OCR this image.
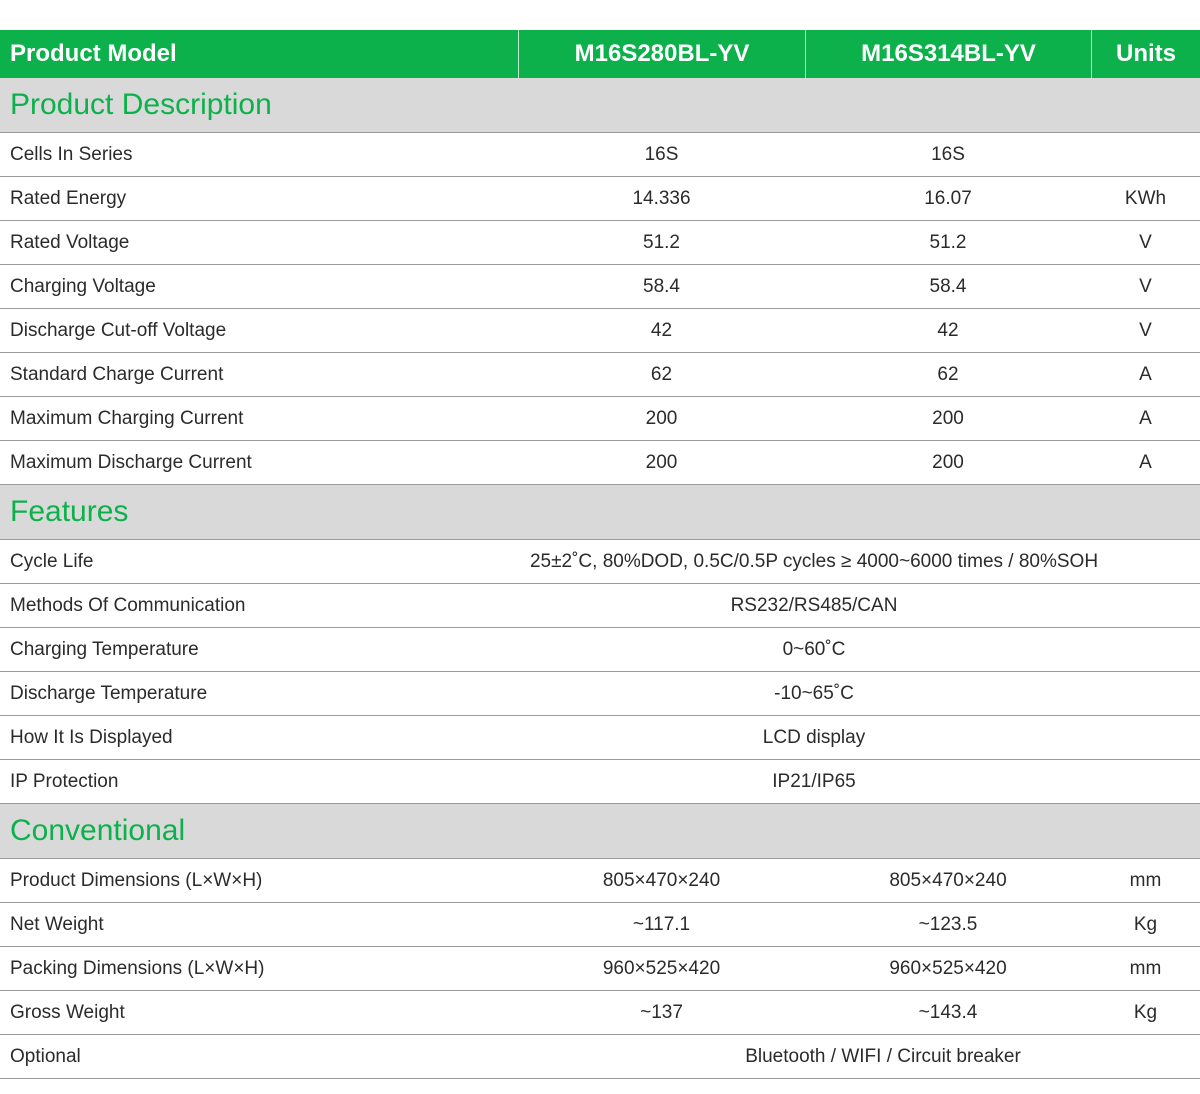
Product Model	M16S280BL-YV	M16S314BL-YV	Units
Product Description
Cells In Series	16S	16S
Rated Energy	14.336	16.07	KWh
Rated Voltage	51.2	51.2	V
Charging Voltage	58.4	58.4	V
Discharge Cut-off Voltage	42	42	V
Standard Charge Current	62	62	A
Maximum Charging Current	200	200	A
Maximum Discharge Current	200	200	A
Features
Cycle Life	25±2˚C, 80%DOD, 0.5C/0.5P cycles ≥ 4000~6000 times / 80%SOH
Methods Of Communication	RS232/RS485/CAN
Charging Temperature	0~60˚C
Discharge Temperature	-10~65˚C
How It Is Displayed	LCD display
IP Protection	IP21/IP65
Conventional
Product Dimensions (L×W×H)	805×470×240	805×470×240	mm
Net Weight	~117.1	~123.5	Kg
Packing Dimensions (L×W×H)	960×525×420	960×525×420	mm
Gross Weight	~137	~143.4	Kg
Optional	Bluetooth / WIFI / Circuit breaker
